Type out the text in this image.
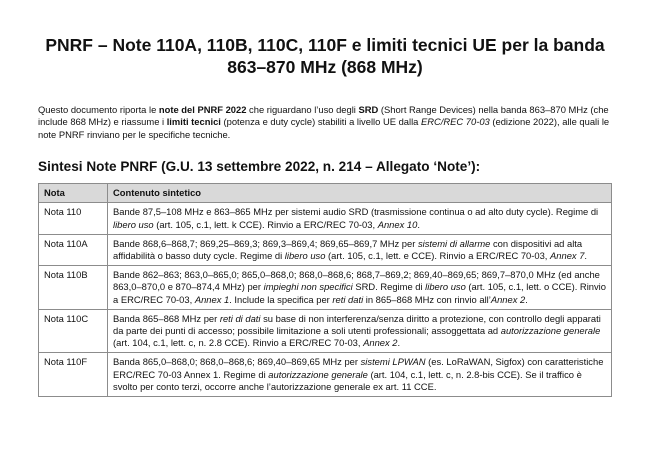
PNRF – Note 110A, 110B, 110C, 110F e limiti tecnici UE per la banda 863–870 MHz (868 MHz)

Questo documento riporta le note del PNRF 2022 che riguardano l’uso degli SRD (Short Range Devices) nella banda 863–870 MHz (che include 868 MHz) e riassume i limiti tecnici (potenza e duty cycle) stabiliti a livello UE dalla ERC/REC 70-03 (edizione 2022), alle quali le note PNRF rinviano per le specifiche tecniche.

Sintesi Note PNRF (G.U. 13 settembre 2022, n. 214 – Allegato ‘Note’):
Nota	Contenuto sintetico
Nota 110	Bande 87,5–108 MHz e 863–865 MHz per sistemi audio SRD (trasmissione continua o ad alto duty cycle). Regime di libero uso (art. 105, c.1, lett. k CCE). Rinvio a ERC/REC 70-03, Annex 10.
Nota 110A	Bande 868,6–868,7; 869,25–869,3; 869,3–869,4; 869,65–869,7 MHz per sistemi di allarme con dispositivi ad alta affidabilità o basso duty cycle. Regime di libero uso (art. 105, c.1, lett. e CCE). Rinvio a ERC/REC 70-03, Annex 7.
Nota 110B	Bande 862–863; 863,0–865,0; 865,0–868,0; 868,0–868,6; 868,7–869,2; 869,40–869,65; 869,7–870,0 MHz (ed anche 863,0–870,0 e 870–874,4 MHz) per impieghi non specifici SRD. Regime di libero uso (art. 105, c.1, lett. o CCE). Rinvio a ERC/REC 70-03, Annex 1. Include la specifica per reti dati in 865–868 MHz con rinvio all’Annex 2.
Nota 110C	Banda 865–868 MHz per reti di dati su base di non interferenza/senza diritto a protezione, con controllo degli apparati da parte dei punti di accesso; possibile limitazione a soli utenti professionali; assoggettata ad autorizzazione generale (art. 104, c.1, lett. c, n. 2.8 CCE). Rinvio a ERC/REC 70-03, Annex 2.
Nota 110F	Banda 865,0–868,0; 868,0–868,6; 869,40–869,65 MHz per sistemi LPWAN (es. LoRaWAN, Sigfox) con caratteristiche ERC/REC 70-03 Annex 1. Regime di autorizzazione generale (art. 104, c.1, lett. c, n. 2.8-bis CCE). Se il traffico è svolto per conto terzi, occorre anche l’autorizzazione generale ex art. 11 CCE.
